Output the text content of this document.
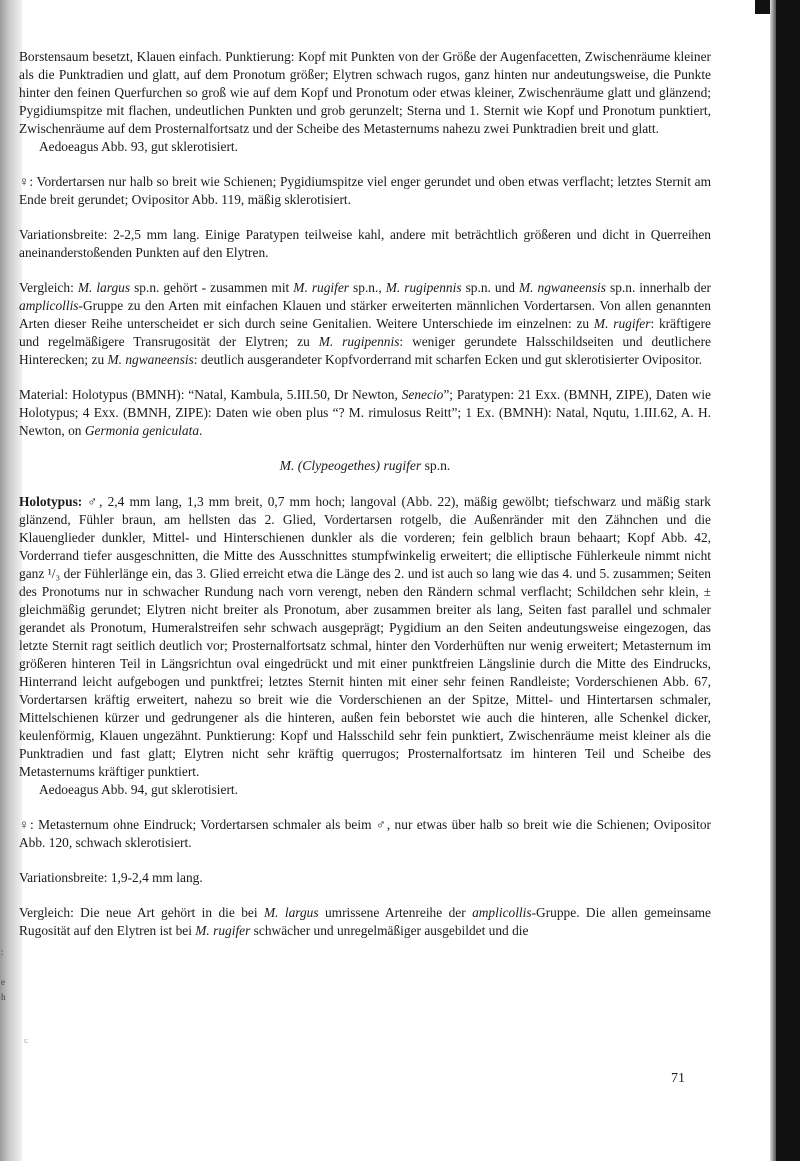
:

e
h

Borstensaum besetzt, Klauen einfach. Punktierung: Kopf mit Punkten von der Größe der Augenfacetten, Zwischenräume kleiner als die Punktradien und glatt, auf dem Pronotum größer; Elytren schwach rugos, ganz hinten nur andeutungsweise, die Punkte hinter den feinen Querfurchen so groß wie auf dem Kopf und Pronotum oder etwas kleiner, Zwischenräume glatt und glänzend; Pygidiumspitze mit flachen, undeutlichen Punkten und grob gerunzelt; Sterna und 1. Sternit wie Kopf und Pronotum punktiert, Zwischenräume auf dem Prosternalfortsatz und der Scheibe des Metasternums nahezu zwei Punktradien breit und glatt.
Aedoeagus Abb. 93, gut sklerotisiert.

♀: Vordertarsen nur halb so breit wie Schienen; Pygidiumspitze viel enger gerundet und oben etwas verflacht; letztes Sternit am Ende breit gerundet; Ovipositor Abb. 119, mäßig sklerotisiert.

Variationsbreite: 2-2,5 mm lang. Einige Paratypen teilweise kahl, andere mit beträchtlich größeren und dicht in Querreihen aneinanderstoßenden Punkten auf den Elytren.

Vergleich: M. largus sp.n. gehört - zusammen mit M. rugifer sp.n., M. rugipennis sp.n. und M. ngwaneensis sp.n. innerhalb der amplicollis-Gruppe zu den Arten mit einfachen Klauen und stärker erweiterten männlichen Vordertarsen. Von allen genannten Arten dieser Reihe unterscheidet er sich durch seine Genitalien. Weitere Unterschiede im einzelnen: zu M. rugifer: kräftigere und regelmäßigere Transrugosität der Elytren; zu M. rugipennis: weniger gerundete Halsschildseiten und deutlichere Hinterecken; zu M. ngwaneensis: deutlich ausgerandeter Kopfvorderrand mit scharfen Ecken und gut sklerotisierter Ovipositor.

Material: Holotypus (BMNH): “Natal, Kambula, 5.III.50, Dr Newton, Senecio”; Paratypen: 21 Exx. (BMNH, ZIPE), Daten wie Holotypus; 4 Exx. (BMNH, ZIPE): Daten wie oben plus “? M. rimulosus Reitt”; 1 Ex. (BMNH): Natal, Nqutu, 1.III.62, A. H. Newton, on Germonia geniculata.

M. (Clypeogethes) rugifer sp.n.

Holotypus: ♂, 2,4 mm lang, 1,3 mm breit, 0,7 mm hoch; langoval (Abb. 22), mäßig gewölbt; tiefschwarz und mäßig stark glänzend, Fühler braun, am hellsten das 2. Glied, Vordertarsen rotgelb, die Außenränder mit den Zähnchen und die Klauenglieder dunkler, Mittel- und Hinterschienen dunkler als die vorderen; fein gelblich braun behaart; Kopf Abb. 42, Vorderrand tiefer ausgeschnitten, die Mitte des Ausschnittes stumpfwinkelig erweitert; die elliptische Fühlerkeule nimmt nicht ganz ¹/₃ der Fühlerlänge ein, das 3. Glied erreicht etwa die Länge des 2. und ist auch so lang wie das 4. und 5. zusammen; Seiten des Pronotums nur in schwacher Rundung nach vorn verengt, neben den Rändern schmal verflacht; Schildchen sehr klein, ± gleichmäßig gerundet; Elytren nicht breiter als Pronotum, aber zusammen breiter als lang, Seiten fast parallel und schmaler gerandet als Pronotum, Humeralstreifen sehr schwach ausgeprägt; Pygidium an den Seiten andeutungsweise eingezogen, das letzte Sternit ragt seitlich deutlich vor; Prosternalfortsatz schmal, hinter den Vorderhüften nur wenig erweitert; Metasternum im größeren hinteren Teil in Längsrichtun oval eingedrückt und mit einer punktfreien Längslinie durch die Mitte des Eindrucks, Hinterrand leicht aufgebogen und punktfrei; letztes Sternit hinten mit einer sehr feinen Randleiste; Vorderschienen Abb. 67, Vordertarsen kräftig erweitert, nahezu so breit wie die Vorderschienen an der Spitze, Mittel- und Hintertarsen schmaler, Mittelschienen kürzer und gedrungener als die hinteren, außen fein beborstet wie auch die hinteren, alle Schenkel dicker, keulenförmig, Klauen ungezähnt. Punktierung: Kopf und Halsschild sehr fein punktiert, Zwischenräume meist kleiner als die Punktradien und fast glatt; Elytren nicht sehr kräftig querrugos; Prosternalfortsatz im hinteren Teil und Scheibe des Metasternums kräftiger punktiert.
Aedoeagus Abb. 94, gut sklerotisiert.

♀: Metasternum ohne Eindruck; Vordertarsen schmaler als beim ♂, nur etwas über halb so breit wie die Schienen; Ovipositor Abb. 120, schwach sklerotisiert.

Variationsbreite: 1,9-2,4 mm lang.

Vergleich: Die neue Art gehört in die bei M. largus umrissene Artenreihe der amplicollis-Gruppe. Die allen gemeinsame Rugosität auf den Elytren ist bei M. rugifer schwächer und unregelmäßiger ausgebildet und die

ι:
71
